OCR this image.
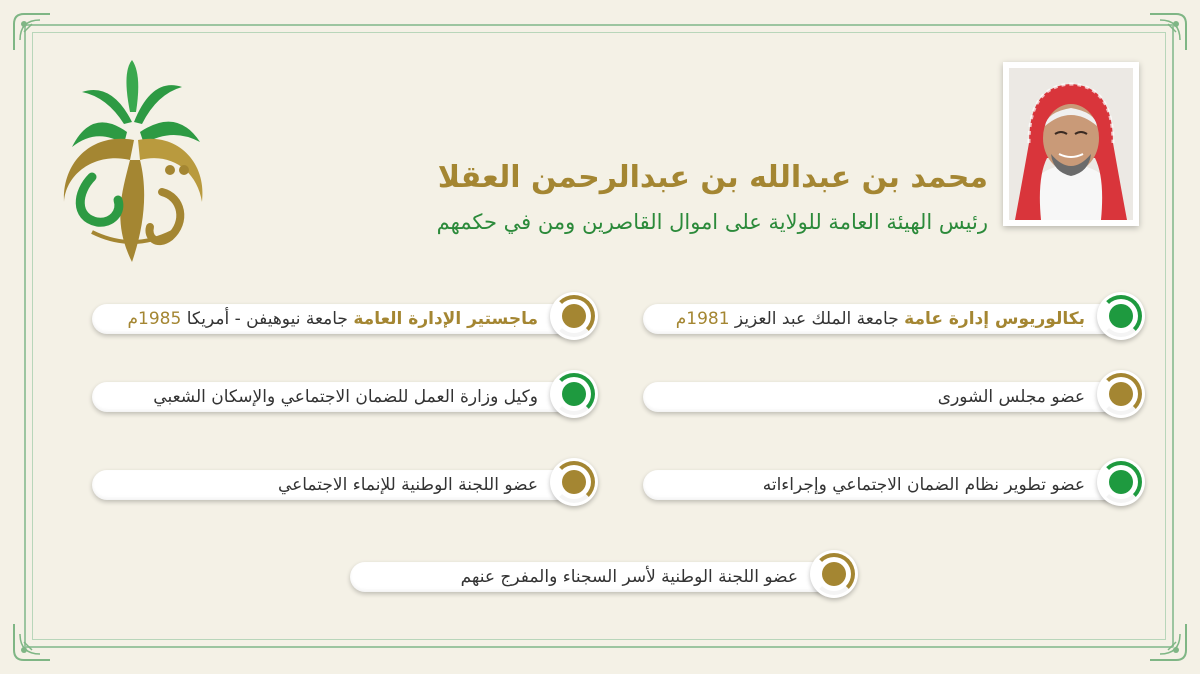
محمد بن عبدالله بن عبدالرحمن العقلا
رئيس الهيئة العامة للولاية على اموال القاصرين ومن في حكمهم
بكالوريوس إدارة عامة جامعة الملك عبد العزيز 1981م
ماجستير الإدارة العامة جامعة نيوهيفن - أمريكا 1985م
عضو مجلس الشورى
وكيل وزارة العمل للضمان الاجتماعي والإسكان الشعبي
عضو تطوير نظام الضمان الاجتماعي وإجراءاته
عضو اللجنة الوطنية للإنماء الاجتماعي
عضو اللجنة الوطنية لأسر السجناء والمفرج عنهم
